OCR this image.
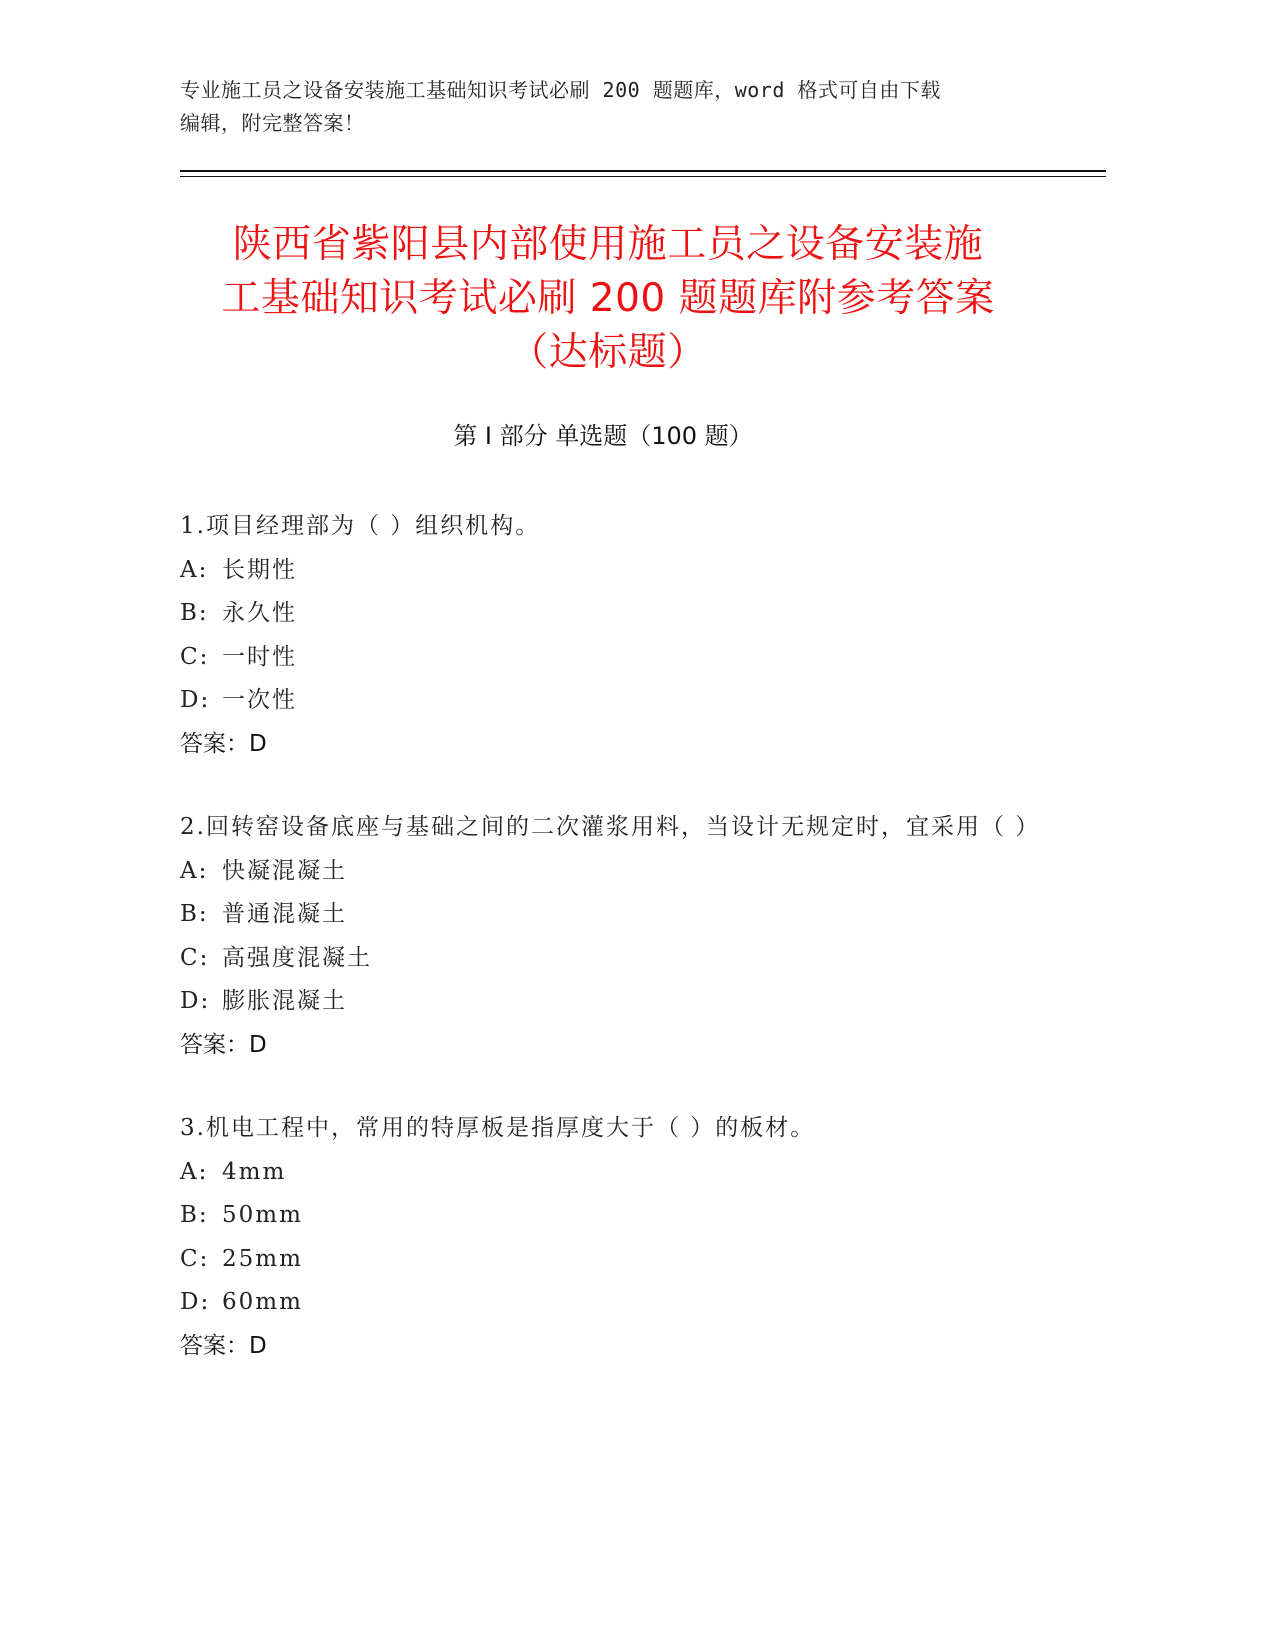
专业施工员之设备安装施工基础知识考试必刷 200 题题库，word 格式可自由下载
编辑，附完整答案！
陕西省紫阳县内部使用施工员之设备安装施
工基础知识考试必刷 200 题题库附参考答案
（达标题）
第 I 部分 单选题（100 题）
1.项目经理部为（ ）组织机构。
A: 长期性
B: 永久性
C: 一时性
D: 一次性
答案：D
2.回转窑设备底座与基础之间的二次灌浆用料，当设计无规定时，宜采用（ ）
A: 快凝混凝土
B: 普通混凝土
C: 高强度混凝土
D: 膨胀混凝土
答案：D
3.机电工程中，常用的特厚板是指厚度大于（ ）的板材。
A: 4mm
B: 50mm
C: 25mm
D: 60mm
答案：D
